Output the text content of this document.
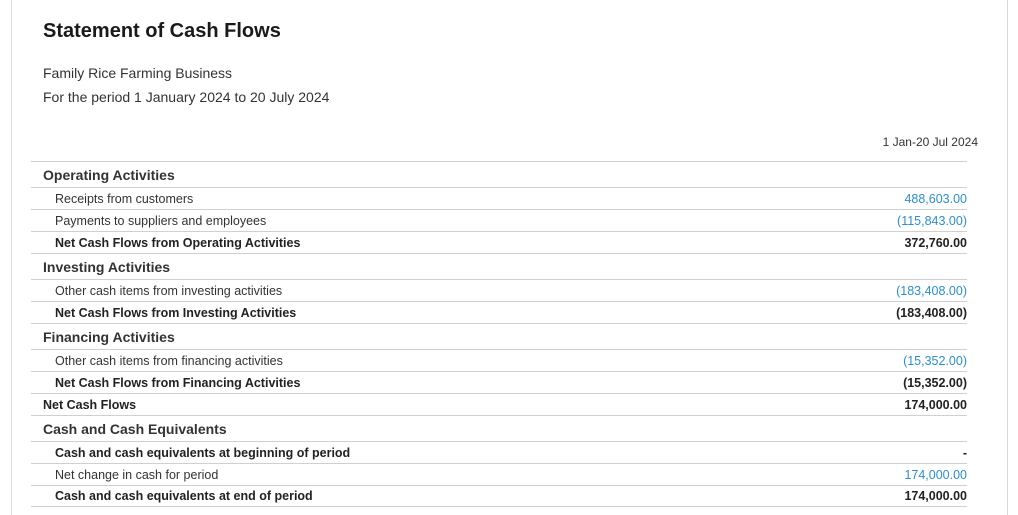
Statement of Cash Flows
Family Rice Farming Business
For the period 1 January 2024 to 20 July 2024
1 Jan-20 Jul 2024
Operating Activities
Receipts from customers	488,603.00
Payments to suppliers and employees	(115,843.00)
Net Cash Flows from Operating Activities	372,760.00
Investing Activities
Other cash items from investing activities	(183,408.00)
Net Cash Flows from Investing Activities	(183,408.00)
Financing Activities
Other cash items from financing activities	(15,352.00)
Net Cash Flows from Financing Activities	(15,352.00)
Net Cash Flows	174,000.00
Cash and Cash Equivalents
Cash and cash equivalents at beginning of period	-
Net change in cash for period	174,000.00
Cash and cash equivalents at end of period	174,000.00
